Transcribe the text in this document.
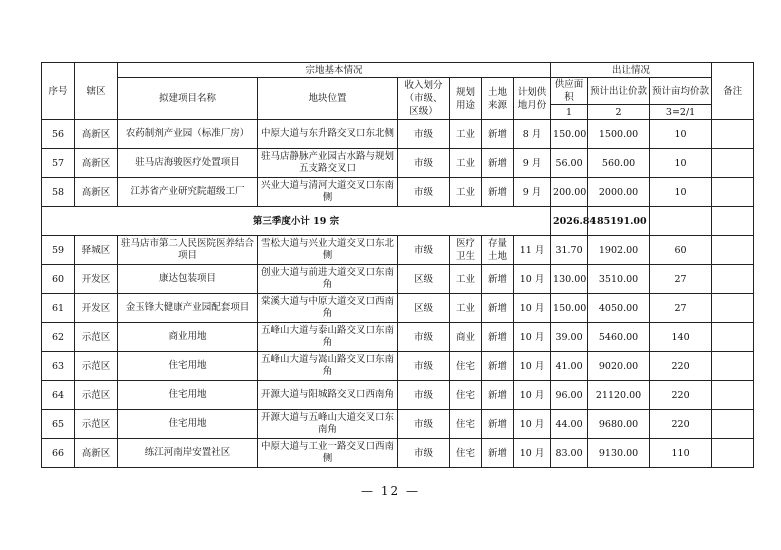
序号	辖区	宗地基本情况						出让情况			备注
		拟建项目名称	地块位置	收入划分（市级、区级）	规划用途	土地来源	计划供地月份	供应面积	预计出让价款	预计亩均价款	
								1	2	3=2/1	
56	高新区	农药制剂产业园（标准厂房）	中原大道与东升路交叉口东北侧	市级	工业	新增	8 月	150.00	1500.00	10	
57	高新区	驻马店海骏医疗处置项目	驻马店静脉产业园古水路与规划五支路交叉口	市级	工业	新增	9 月	56.00	560.00	10	
58	高新区	江苏省产业研究院超级工厂	兴业大道与清河大道交叉口东南侧	市级	工业	新增	9 月	200.00	2000.00	10	
第三季度小计 19 宗								2026.84	185191.00		
59	驿城区	驻马店市第二人民医院医养结合项目	雪松大道与兴业大道交叉口东北侧	市级	医疗卫生	存量土地	11 月	31.70	1902.00	60	
60	开发区	康达包装项目	创业大道与前进大道交叉口东南角	区级	工业	新增	10 月	130.00	3510.00	27	
61	开发区	金玉锋大健康产业园配套项目	棠溪大道与中原大道交叉口西南角	区级	工业	新增	10 月	150.00	4050.00	27	
62	示范区	商业用地	五峰山大道与泰山路交叉口东南角	市级	商业	新增	10 月	39.00	5460.00	140	
63	示范区	住宅用地	五峰山大道与嵩山路交叉口东南角	市级	住宅	新增	10 月	41.00	9020.00	220	
64	示范区	住宅用地	开源大道与阳城路交叉口西南角	市级	住宅	新增	10 月	96.00	21120.00	220	
65	示范区	住宅用地	开源大道与五峰山大道交叉口东南角	市级	住宅	新增	10 月	44.00	9680.00	220	
66	高新区	练江河南岸安置社区	中原大道与工业一路交叉口西南侧	市级	住宅	新增	10 月	83.00	9130.00	110	
— 12 —
